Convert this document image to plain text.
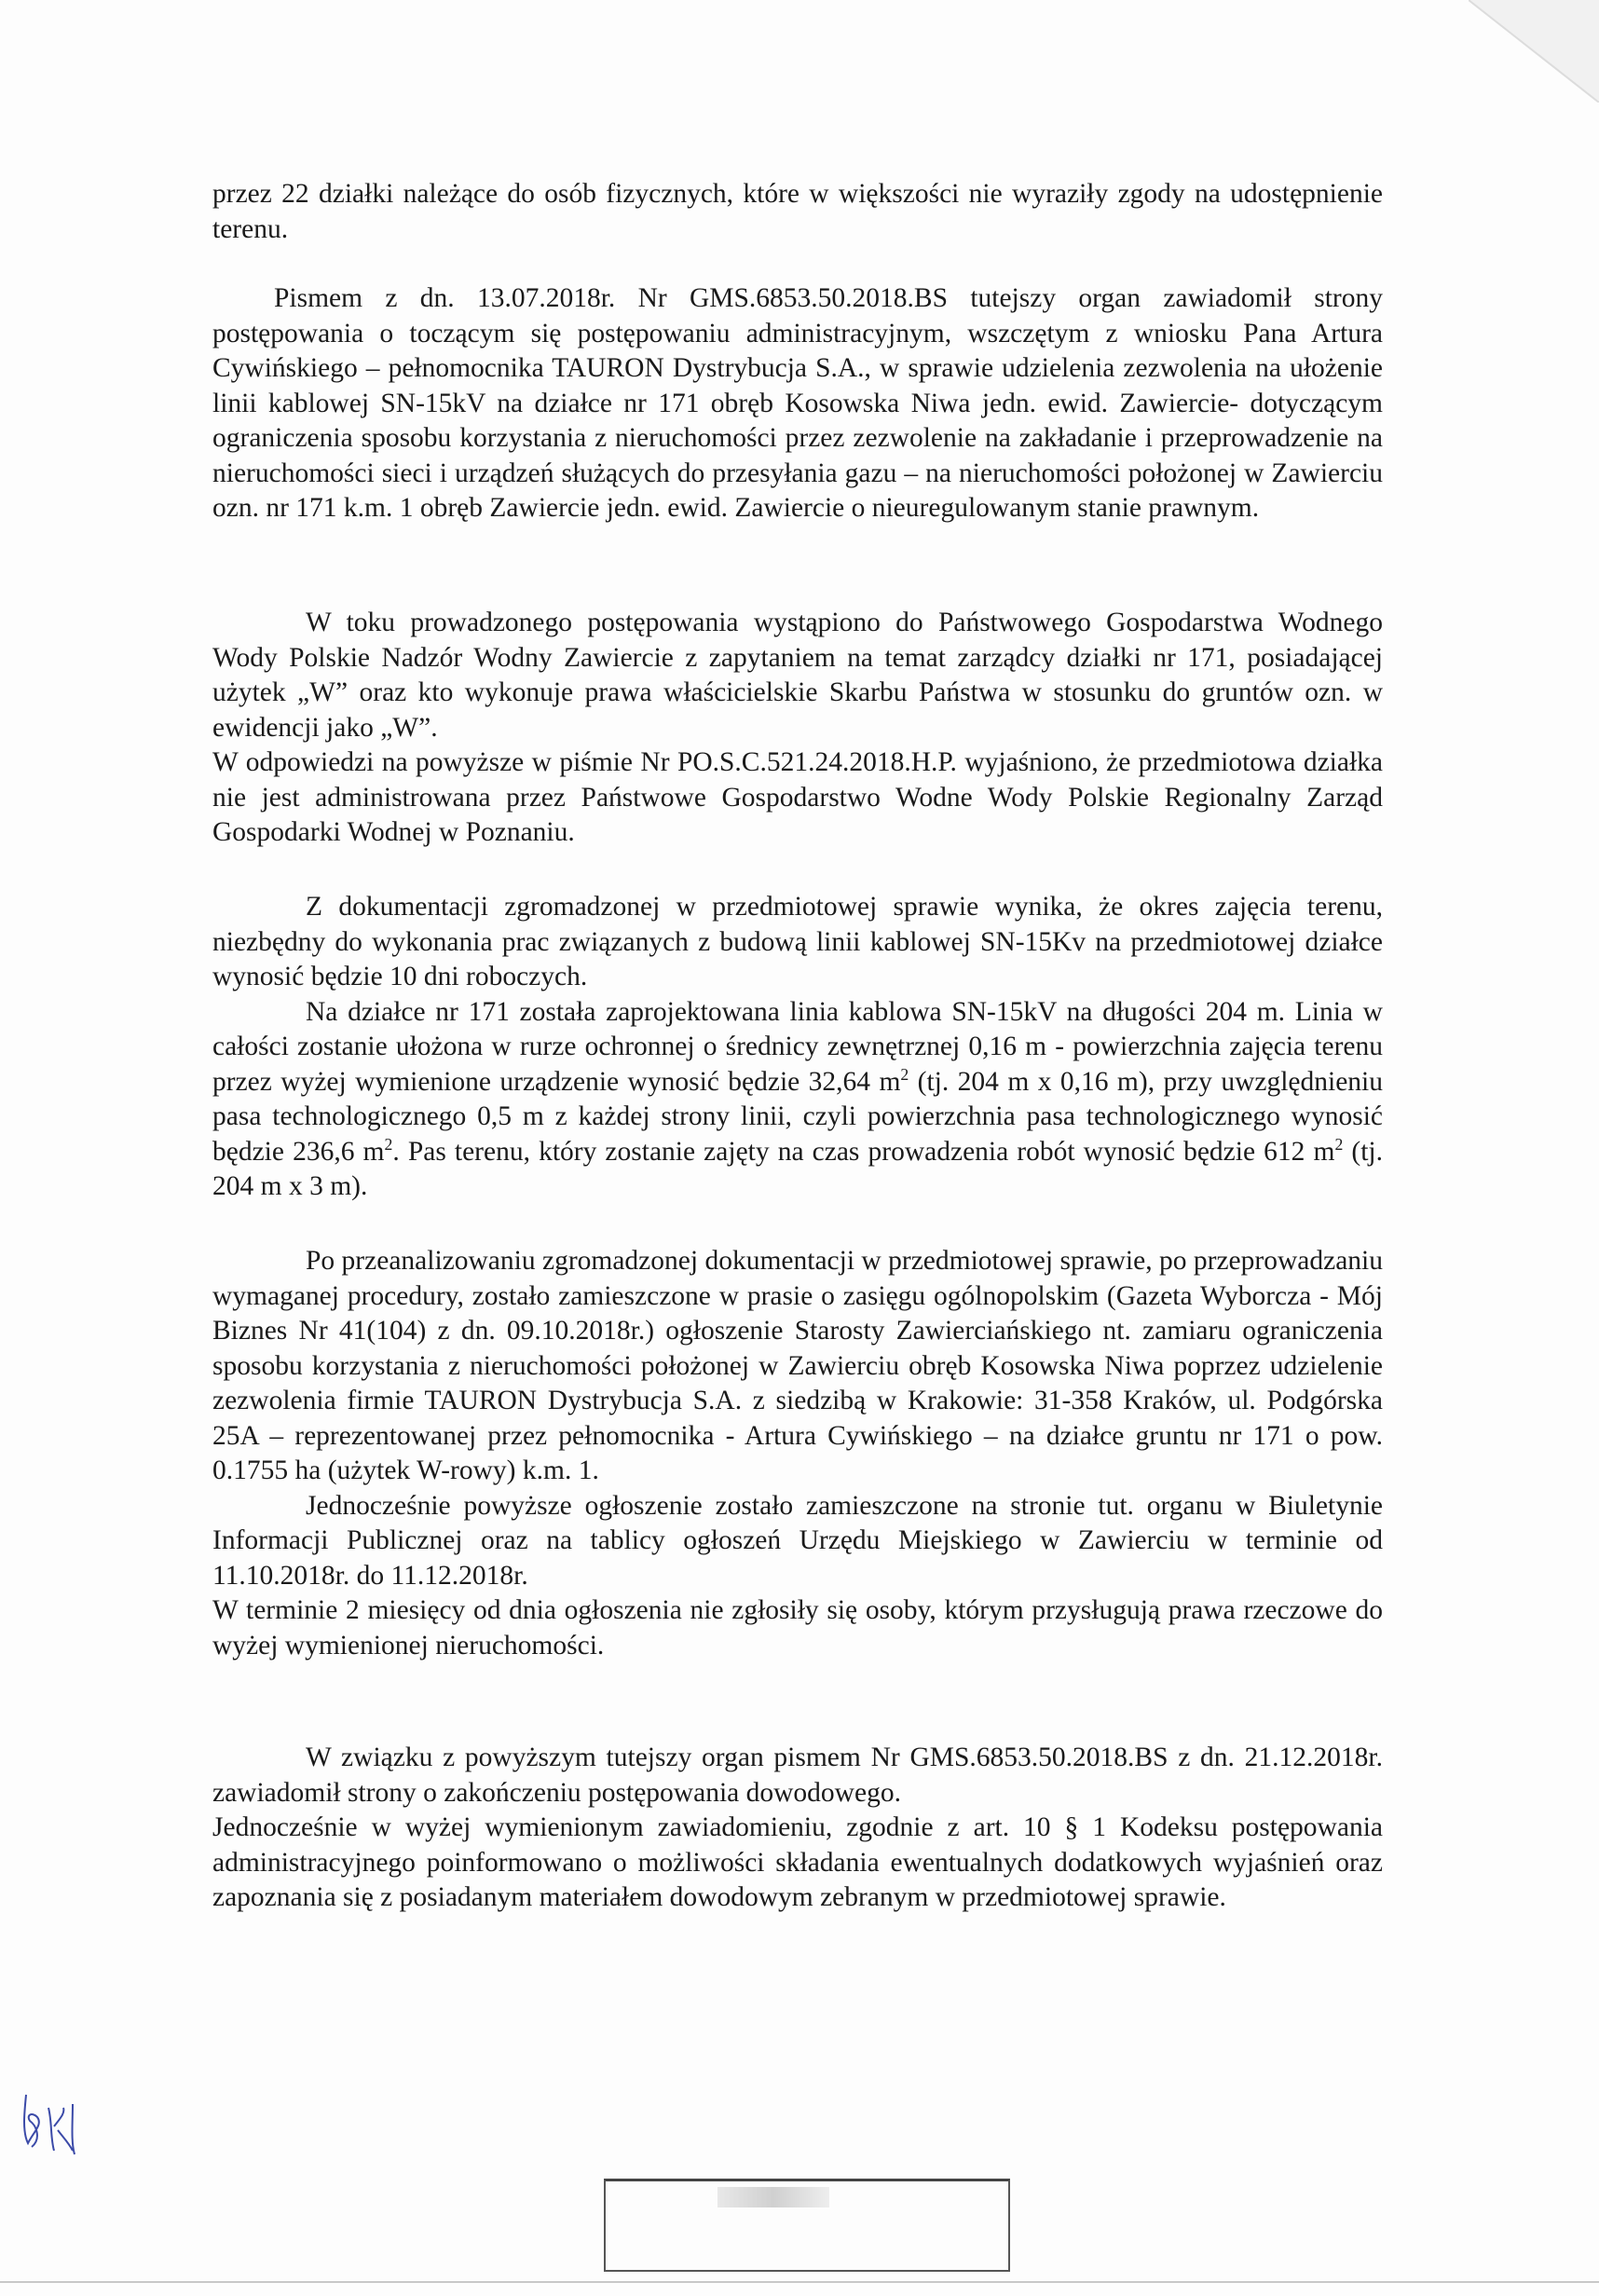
przez 22 działki należące do osób fizycznych, które w większości nie wyraziły zgody na udostępnienie terenu.

Pismem z dn. 13.07.2018r. Nr GMS.6853.50.2018.BS tutejszy organ zawiadomił strony postępowania o toczącym się postępowaniu administracyjnym, wszczętym z wniosku Pana Artura Cywińskiego – pełnomocnika TAURON Dystrybucja S.A., w sprawie udzielenia zezwolenia na ułożenie linii kablowej SN-15kV na działce nr 171 obręb Kosowska Niwa jedn. ewid. Zawiercie- dotyczącym ograniczenia sposobu korzystania z nieruchomości przez zezwolenie na zakładanie i przeprowadzenie na nieruchomości sieci i urządzeń służących do przesyłania gazu – na nieruchomości położonej w Zawierciu ozn. nr 171 k.m. 1 obręb Zawiercie jedn. ewid. Zawiercie o nieuregulowanym stanie prawnym.

W toku prowadzonego postępowania wystąpiono do Państwowego Gospodarstwa Wodnego Wody Polskie Nadzór Wodny Zawiercie z zapytaniem na temat zarządcy działki nr 171, posiadającej użytek „W” oraz kto wykonuje prawa właścicielskie Skarbu Państwa w stosunku do gruntów ozn. w ewidencji jako „W”.

W odpowiedzi na powyższe w piśmie Nr PO.S.C.521.24.2018.H.P. wyjaśniono, że przedmiotowa działka nie jest administrowana przez Państwowe Gospodarstwo Wodne Wody Polskie Regionalny Zarząd Gospodarki Wodnej w Poznaniu.

Z dokumentacji zgromadzonej w przedmiotowej sprawie wynika, że okres zajęcia terenu, niezbędny do wykonania prac związanych z budową linii kablowej SN-15Kv na przedmiotowej działce wynosić będzie 10 dni roboczych.

Na działce nr 171 została zaprojektowana linia kablowa SN-15kV na długości 204 m. Linia w całości zostanie ułożona w rurze ochronnej o średnicy zewnętrznej 0,16 m - powierzchnia zajęcia terenu przez wyżej wymienione urządzenie wynosić będzie 32,64 $m^2$ (tj. 204 m x 0,16 m), przy uwzględnieniu pasa technologicznego 0,5 m z każdej strony linii, czyli powierzchnia pasa technologicznego wynosić będzie 236,6 $m^2$. Pas terenu, który zostanie zajęty na czas prowadzenia robót wynosić będzie 612 $m^2$ (tj. 204 m x 3 m).

Po przeanalizowaniu zgromadzonej dokumentacji w przedmiotowej sprawie, po przeprowadzaniu wymaganej procedury, zostało zamieszczone w prasie o zasięgu ogólnopolskim (Gazeta Wyborcza - Mój Biznes Nr 41(104) z dn. 09.10.2018r.) ogłoszenie Starosty Zawierciańskiego nt. zamiaru ograniczenia sposobu korzystania z nieruchomości położonej w Zawierciu obręb Kosowska Niwa poprzez udzielenie zezwolenia firmie TAURON Dystrybucja S.A. z siedzibą w Krakowie: 31-358 Kraków, ul. Podgórska 25A – reprezentowanej przez pełnomocnika - Artura Cywińskiego – na działce gruntu nr 171 o pow. 0.1755 ha (użytek W-rowy) k.m. 1.

Jednocześnie powyższe ogłoszenie zostało zamieszczone na stronie tut. organu w Biuletynie Informacji Publicznej oraz na tablicy ogłoszeń Urzędu Miejskiego w Zawierciu w terminie od 11.10.2018r. do 11.12.2018r.

W terminie 2 miesięcy od dnia ogłoszenia nie zgłosiły się osoby, którym przysługują prawa rzeczowe do wyżej wymienionej nieruchomości.

W związku z powyższym tutejszy organ pismem Nr GMS.6853.50.2018.BS z dn. 21.12.2018r. zawiadomił strony o zakończeniu postępowania dowodowego.

Jednocześnie w wyżej wymienionym zawiadomieniu, zgodnie z art. 10 § 1 Kodeksu postępowania administracyjnego poinformowano o możliwości składania ewentualnych dodatkowych wyjaśnień oraz zapoznania się z posiadanym materiałem dowodowym zebranym w przedmiotowej sprawie.
